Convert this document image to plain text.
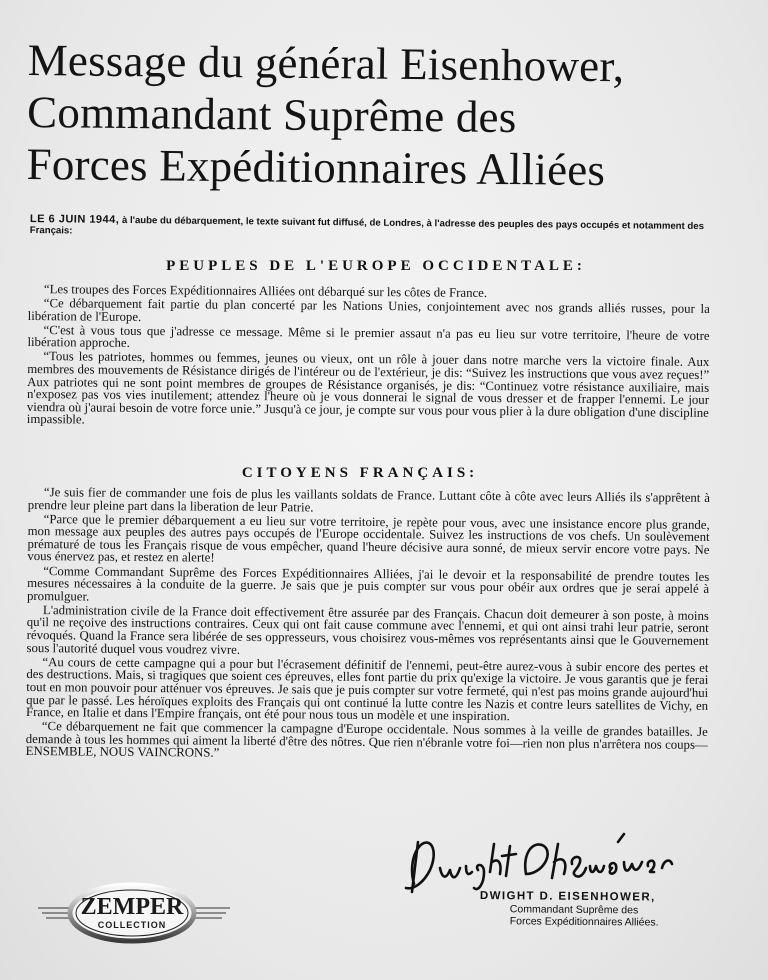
Message du général Eisenhower,
Commandant Suprême des
Forces Expéditionnaires Alliées
LE 6 JUIN 1944, à l'aube du débarquement, le texte suivant fut diffusé, de Londres, à l'adresse des peuples des pays occupés et notamment des Français:
PEUPLES DE L'EUROPE OCCIDENTALE:

“Les troupes des Forces Expéditionnaires Alliées ont débarqué sur les côtes de France.

“Ce débarquement fait partie du plan concerté par les Nations Unies, conjointement avec nos grands alliés russes, pour la libération de l'Europe.

“C'est à vous tous que j'adresse ce message. Même si le premier assaut n'a pas eu lieu sur votre territoire, l'heure de votre libération approche.

“Tous les patriotes, hommes ou femmes, jeunes ou vieux, ont un rôle à jouer dans notre marche vers la victoire finale. Aux membres des mouvements de Résistance dirigés de l'intéreur ou de l'extérieur, je dis: “Suivez les instructions que vous avez reçues!” Aux patriotes qui ne sont point membres de groupes de Résistance organisés, je dis: “Continuez votre résistance auxiliaire, mais n'exposez pas vos vies inutilement; attendez l'heure où je vous donnerai le signal de vous dresser et de frapper l'ennemi. Le jour viendra où j'aurai besoin de votre force unie.” Jusqu'à ce jour, je compte sur vous pour vous plier à la dure obligation d'une discipline impassible.

CITOYENS FRANÇAIS:

“Je suis fier de commander une fois de plus les vaillants soldats de France. Luttant côte à côte avec leurs Alliés ils s'apprêtent à prendre leur pleine part dans la liberation de leur Patrie.

“Parce que le premier débarquement a eu lieu sur votre territoire, je repète pour vous, avec une insistance encore plus grande, mon message aux peuples des autres pays occupés de l'Europe occidentale. Suivez les instructions de vos chefs. Un soulèvement prématuré de tous les Français risque de vous empêcher, quand l'heure décisive aura sonné, de mieux servir encore votre pays. Ne vous énervez pas, et restez en alerte!

“Comme Commandant Suprême des Forces Expéditionnaires Alliées, j'ai le devoir et la responsabilité de prendre toutes les mesures nécessaires à la conduite de la guerre. Je sais que je puis compter sur vous pour obéir aux ordres que je serai appelé à promulguer.

L'administration civile de la France doit effectivement être assurée par des Français. Chacun doit demeurer à son poste, à moins qu'il ne reçoive des instructions contraires. Ceux qui ont fait cause commune avec l'ennemi, et qui ont ainsi trahi leur patrie, seront révoqués. Quand la France sera libérée de ses oppresseurs, vous choisirez vous-mêmes vos représentants ainsi que le Gouvernement sous l'autorité duquel vous voudrez vivre.

“Au cours de cette campagne qui a pour but l'écrasement définitif de l'ennemi, peut-être aurez-vous à subir encore des pertes et des destructions. Mais, si tragiques que soient ces épreuves, elles font partie du prix qu'exige la victoire. Je vous garantis que je ferai tout en mon pouvoir pour atténuer vos épreuves. Je sais que je puis compter sur votre fermeté, qui n'est pas moins grande aujourd'hui que par le passé. Les héroïques exploits des Français qui ont continué la lutte contre les Nazis et contre leurs satellites de Vichy, en France, en Italie et dans l'Empire français, ont été pour nous tous un modèle et une inspiration.

“Ce débarquement ne fait que commencer la campagne d'Europe occidentale. Nous sommes à la veille de grandes batailles. Je demande à tous les hommes qui aiment la liberté d'être des nôtres. Que rien n'ébranle votre foi—rien non plus n'arrêtera nos coups—ENSEMBLE, NOUS VAINCRONS.”

DWIGHT D. EISENHOWER,
Commandant Suprême des
Forces Expéditionnaires Alliées.
ZEMPER
COLLECTION
